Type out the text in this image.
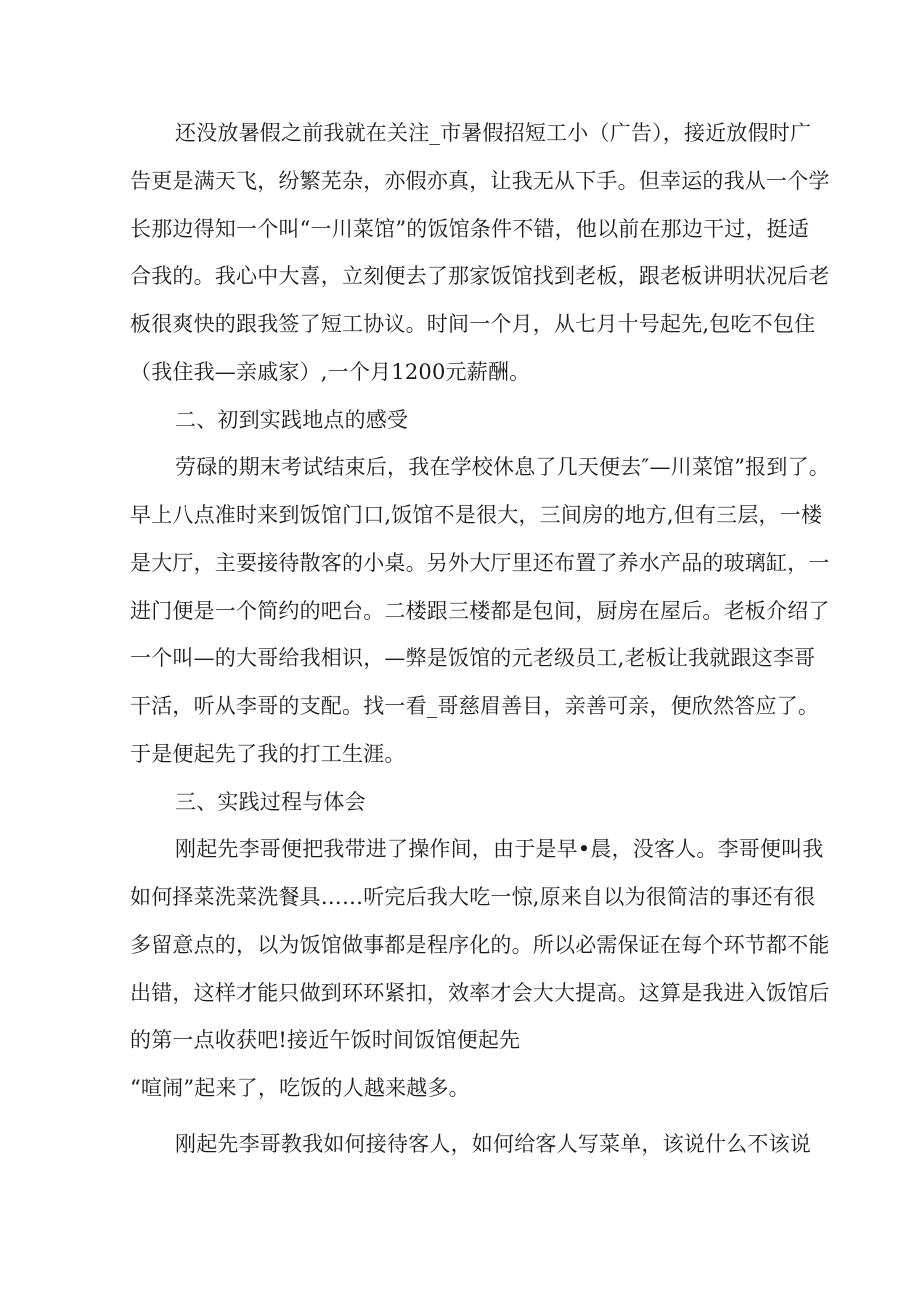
还没放暑假之前我就在关注_市暑假招短工小（广告），接近放假时广
告更是满天飞，纷繁芜杂，亦假亦真，让我无从下手。但幸运的我从一个学
长那边得知一个叫“一川菜馆”的饭馆条件不错，他以前在那边干过，挺适
合我的。我心中大喜，立刻便去了那家饭馆找到老板，跟老板讲明状况后老
板很爽快的跟我签了短工协议。时间一个月，从七月十号起先,包吃不包住
（我住我—亲戚家）,一个月1200元薪酬。
二、初到实践地点的感受
劳碌的期末考试结束后，我在学校休息了几天便去″—川菜馆”报到了。
早上八点准时来到饭馆门口,饭馆不是很大，三间房的地方,但有三层，一楼
是大厅，主要接待散客的小桌。另外大厅里还布置了养水产品的玻璃缸，一
进门便是一个简约的吧台。二楼跟三楼都是包间，厨房在屋后。老板介绍了
一个叫—的大哥给我相识，—弊是饭馆的元老级员工,老板让我就跟这李哥
干活，听从李哥的支配。找一看_哥慈眉善目，亲善可亲，便欣然答应了。
于是便起先了我的打工生涯。
三、实践过程与体会
刚起先李哥便把我带进了操作间，由于是早•晨，没客人。李哥便叫我
如何择菜洗菜洗餐具……听完后我大吃一惊,原来自以为很简洁的事还有很
多留意点的，以为饭馆做事都是程序化的。所以必需保证在每个环节都不能
出错，这样才能只做到环环紧扣，效率才会大大提高。这算是我进入饭馆后
的第一点收获吧!接近午饭时间饭馆便起先
“喧闹”起来了，吃饭的人越来越多。
刚起先李哥教我如何接待客人，如何给客人写菜单，该说什么不该说
